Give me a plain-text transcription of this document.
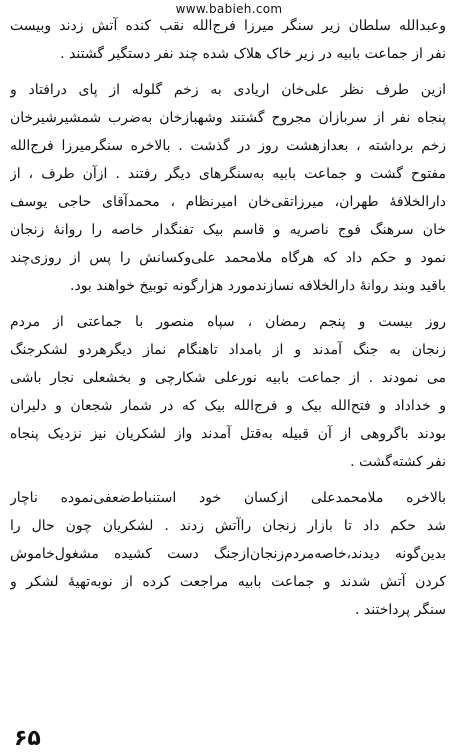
www.babieh.com
وعبدالله سلطان زیر سنگر میرزا فرج‌الله نقب کنده آتش زدند وبیست
نفر از جماعت بابیه در زیر خاک هلاک شده چند نفر دستگیر گشتند .
ازین طرف نظر علی‌خان اریادی به زخم گلوله از پای درافتاد و
پنجاه نفر از سربازان مجروح گشتند وشهبازخان به‌ضرب شمشیرشیرخان
زخم برداشته ، بعدازهشت روز در گذشت . بالاخره سنگرمیرزا فرج‌الله
مفتوح گشت و جماعت بابیه به‌سنگرهای دیگر رفتند . ازآن طرف ، از
دارالخلافهٔ طهران، میرزاتقی‌خان امیرنظام ، محمدآقای حاجی یوسف
خان سرهنگ فوج ناصریه و قاسم بیک تفنگدار خاصه را روانهٔ زنجان
نمود و حکم داد که هرگاه ملامحمد علی‌وکسانش را پس از روزی‌چند
باقید وبند روانهٔ دارالخلافه نسازندمورد هزارگونه توبیخ خواهند بود.
روز بیست و پنجم رمضان ، سپاه منصور با جماعتی از مردم
زنجان به جنگ آمدند و از بامداد تاهنگام نماز دیگرهردو لشکرجنگ
می نمودند . از جماعت بابیه نورعلی شکارچی و بخشعلی نجار باشی
و خداداد و فتح‌الله بیک و فرج‌الله بیک که در شمار شجعان و دلیران
بودند باگروهی از آن قبیله به‌قتل آمدند واز لشکریان نیز نزدیک پنجاه
نفر کشته‌گشت .
بالاخره ملامحمدعلی ازکسان خود استنباط‌ضعفی‌نموده ناچار
شد حکم داد تا بازار زنجان راآتش زدند . لشکریان چون حال را
بدین‌گونه دیدند،خاصه‌مردم‌زنجان‌ازجنگ دست کشیده مشغول‌خاموش
کردن آتش شدند و جماعت بابیه مراجعت کرده از نوبه‌تهیهٔ لشکر و
سنگر پرداختند .
۶۵
